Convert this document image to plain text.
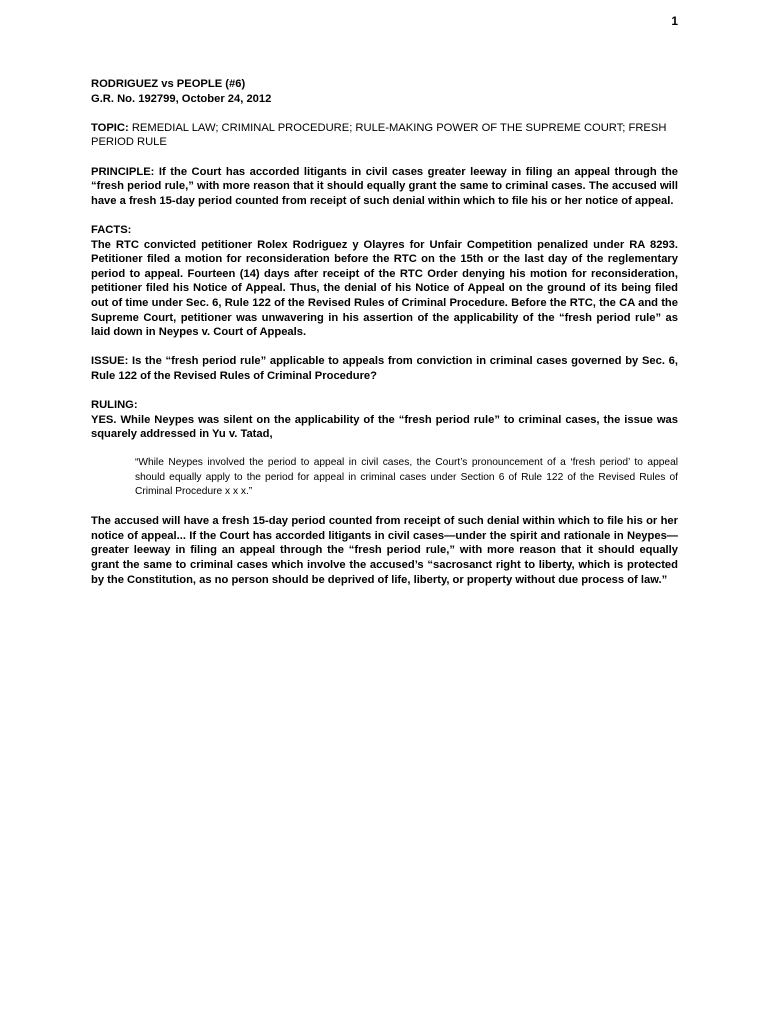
1
RODRIGUEZ vs PEOPLE (#6)
G.R. No. 192799, October 24, 2012
TOPIC: REMEDIAL LAW; CRIMINAL PROCEDURE; RULE-MAKING POWER OF THE SUPREME COURT; FRESH PERIOD RULE
PRINCIPLE: If the Court has accorded litigants in civil cases greater leeway in filing an appeal through the “fresh period rule,” with more reason that it should equally grant the same to criminal cases. The accused will have a fresh 15-day period counted from receipt of such denial within which to file his or her notice of appeal.
FACTS:
The RTC convicted petitioner Rolex Rodriguez y Olayres for Unfair Competition penalized under RA 8293. Petitioner filed a motion for reconsideration before the RTC on the 15th or the last day of the reglementary period to appeal. Fourteen (14) days after receipt of the RTC Order denying his motion for reconsideration, petitioner filed his Notice of Appeal. Thus, the denial of his Notice of Appeal on the ground of its being filed out of time under Sec. 6, Rule 122 of the Revised Rules of Criminal Procedure. Before the RTC, the CA and the Supreme Court, petitioner was unwavering in his assertion of the applicability of the “fresh period rule” as laid down in Neypes v. Court of Appeals.
ISSUE: Is the “fresh period rule” applicable to appeals from conviction in criminal cases governed by Sec. 6, Rule 122 of the Revised Rules of Criminal Procedure?
RULING:
YES. While Neypes was silent on the applicability of the “fresh period rule” to criminal cases, the issue was squarely addressed in Yu v. Tatad,
“While Neypes involved the period to appeal in civil cases, the Court’s pronouncement of a ‘fresh period’ to appeal should equally apply to the period for appeal in criminal cases under Section 6 of Rule 122 of the Revised Rules of Criminal Procedure x x x.”
The accused will have a fresh 15-day period counted from receipt of such denial within which to file his or her notice of appeal... If the Court has accorded litigants in civil cases—under the spirit and rationale in Neypes—greater leeway in filing an appeal through the “fresh period rule,” with more reason that it should equally grant the same to criminal cases which involve the accused’s “sacrosanct right to liberty, which is protected by the Constitution, as no person should be deprived of life, liberty, or property without due process of law.”
